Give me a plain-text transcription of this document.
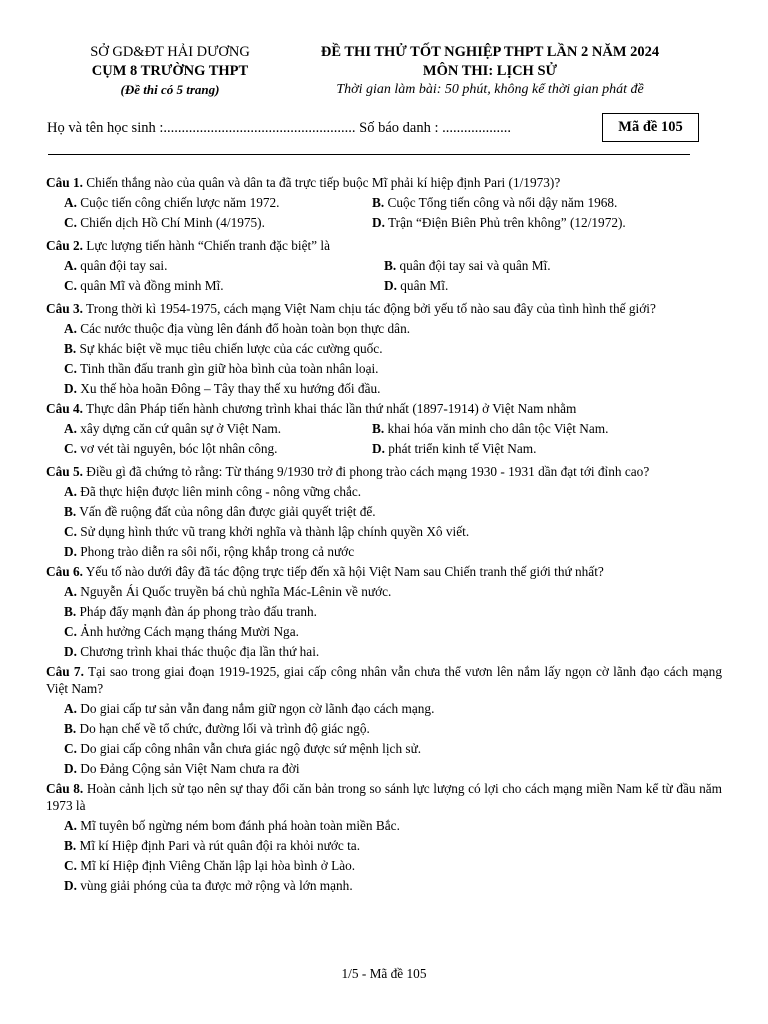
SỞ GD&ĐT HẢI DƯƠNG
CỤM 8 TRƯỜNG THPT
(Đề thi có 5 trang)
ĐỀ THI THỬ TỐT NGHIỆP THPT LẦN 2 NĂM 2024
MÔN THI: LỊCH SỬ
Thời gian làm bài: 50 phút, không kể thời gian phát đề
Họ và tên học sinh :..................................................... Số báo danh : ...................	Mã đề 105
Câu 1. Chiến thắng nào của quân và dân ta đã trực tiếp buộc Mĩ phải kí hiệp định Pari (1/1973)?
A. Cuộc tiến công chiến lược năm 1972.	B. Cuộc Tổng tiến công và nổi dậy năm 1968.
C. Chiến dịch Hồ Chí Minh (4/1975).	D. Trận “Điện Biên Phủ trên không” (12/1972).
Câu 2. Lực lượng tiến hành “Chiến tranh đặc biệt” là
A. quân đội tay sai.	B. quân đội tay sai và quân Mĩ.
C. quân Mĩ và đồng minh Mĩ.	D. quân Mĩ.
Câu 3. Trong thời kì 1954-1975, cách mạng Việt Nam chịu tác động bởi yếu tố nào sau đây của tình hình thế giới?
A. Các nước thuộc địa vùng lên đánh đổ hoàn toàn bọn thực dân.
B. Sự khác biệt về mục tiêu chiến lược của các cường quốc.
C. Tinh thần đấu tranh gìn giữ hòa bình của toàn nhân loại.
D. Xu thế hòa hoãn Đông – Tây thay thế xu hướng đối đầu.
Câu 4. Thực dân Pháp tiến hành chương trình khai thác lần thứ nhất (1897-1914) ở Việt Nam nhằm
A. xây dựng căn cứ quân sự ở Việt Nam.	B. khai hóa văn minh cho dân tộc Việt Nam.
C. vơ vét tài nguyên, bóc lột nhân công.	D. phát triển kinh tế Việt Nam.
Câu 5. Điều gì đã chứng tỏ rằng: Từ tháng 9/1930 trở đi phong trào cách mạng 1930 - 1931 dần đạt tới đỉnh cao?
A. Đã thực hiện được liên minh công - nông vững chắc.
B. Vấn đề ruộng đất của nông dân được giải quyết triệt để.
C. Sử dụng hình thức vũ trang khởi nghĩa và thành lập chính quyền Xô viết.
D. Phong trào diễn ra sôi nổi, rộng khắp trong cả nước
Câu 6. Yếu tố nào dưới đây đã tác động trực tiếp đến xã hội Việt Nam sau Chiến tranh thế giới thứ nhất?
A. Nguyễn Ái Quốc truyền bá chủ nghĩa Mác-Lênin về nước.
B. Pháp đẩy mạnh đàn áp phong trào đấu tranh.
C. Ảnh hưởng Cách mạng tháng Mười Nga.
D. Chương trình khai thác thuộc địa lần thứ hai.
Câu 7. Tại sao trong giai đoạn 1919-1925, giai cấp công nhân vẫn chưa thể vươn lên nắm lấy ngọn cờ lãnh đạo cách mạng Việt Nam?
A. Do giai cấp tư sản vẫn đang nắm giữ ngọn cờ lãnh đạo cách mạng.
B. Do hạn chế về tổ chức, đường lối và trình độ giác ngộ.
C. Do giai cấp công nhân vẫn chưa giác ngộ được sứ mệnh lịch sử.
D. Do Đảng Cộng sản Việt Nam chưa ra đời
Câu 8. Hoàn cảnh lịch sử tạo nên sự thay đổi căn bản trong so sánh lực lượng có lợi cho cách mạng miền Nam kể từ đầu năm 1973 là
A. Mĩ tuyên bố ngừng ném bom đánh phá hoàn toàn miền Bắc.
B. Mĩ kí Hiệp định Pari và rút quân đội ra khỏi nước ta.
C. Mĩ kí Hiệp định Viêng Chăn lập lại hòa bình ở Lào.
D. vùng giải phóng của ta được mở rộng và lớn mạnh.
1/5 - Mã đề 105
